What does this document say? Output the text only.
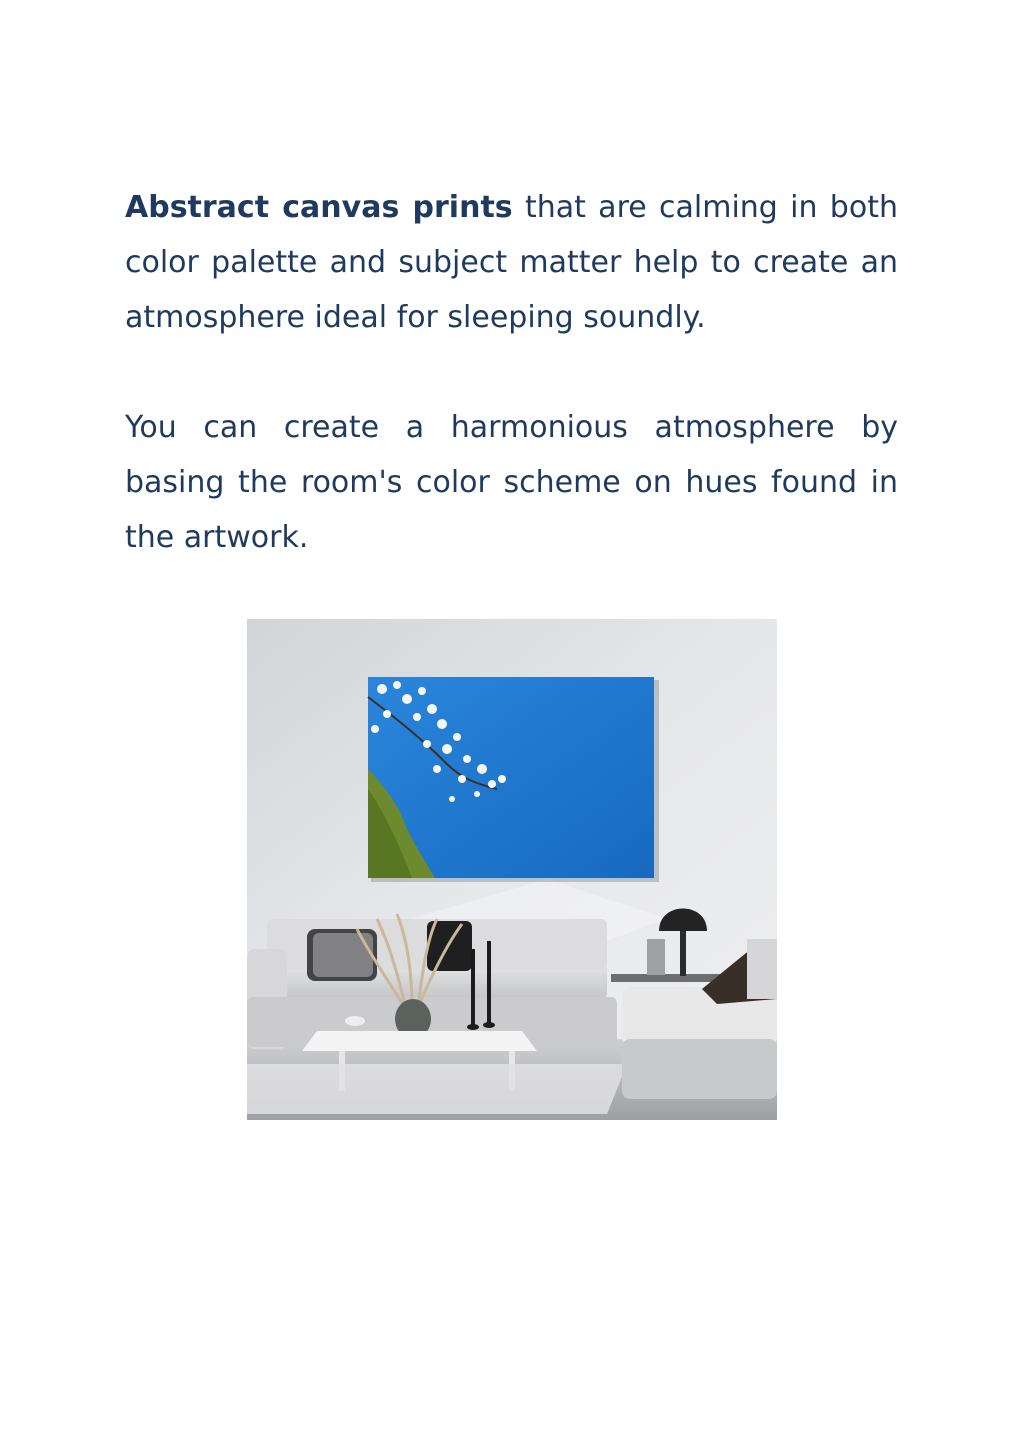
Abstract canvas prints that are calming in both color palette and subject matter help to create an atmosphere ideal for sleeping soundly.

You can create a harmonious atmosphere by basing the room's color scheme on hues found in the artwork.
